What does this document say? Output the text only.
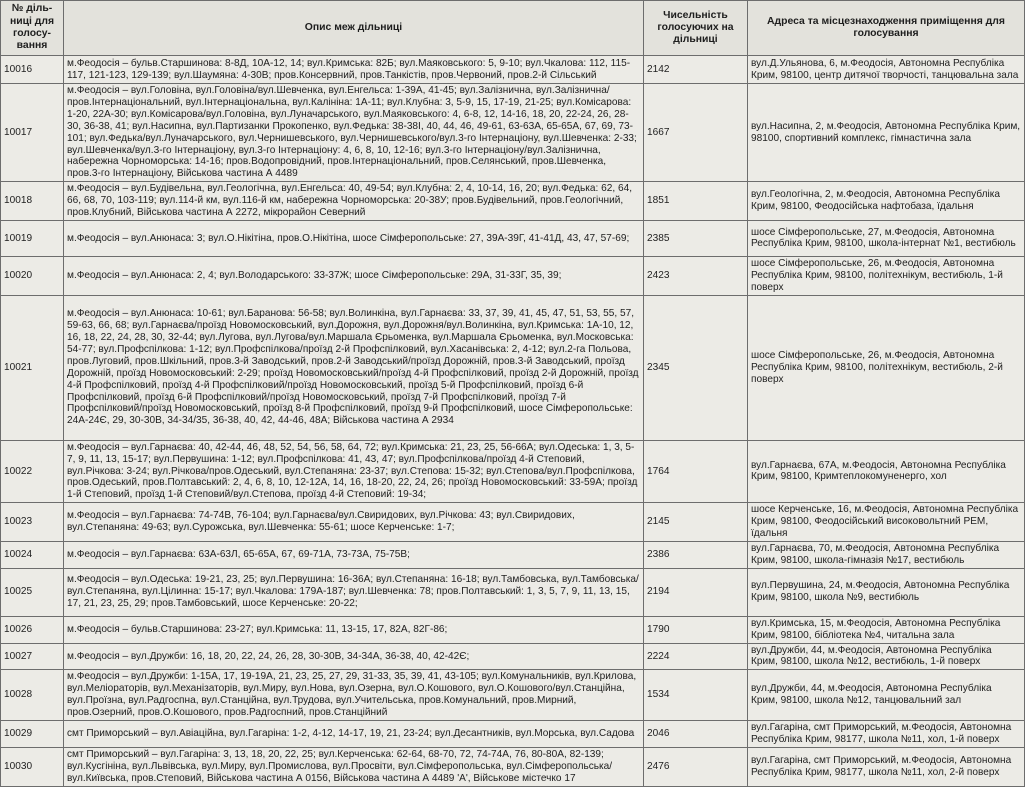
№ діль-ниці для голосу-вання	Опис меж дільниці	Чисельність голосуючих на дільниці	Адреса та місцезнаходження приміщення для голосування
10016	м.Феодосія – бульв.Старшинова: 8-8Д, 10А-12, 14; вул.Кримська: 82Б; вул.Маяковського: 5, 9-10; вул.Чкалова: 112, 115-117, 121-123, 129-139; вул.Шаумяна: 4-30В; пров.Консервний, пров.Танкістів, пров.Червоний, пров.2-й Сільський	2142	вул.Д.Ульянова, 6, м.Феодосія, Автономна Республіка Крим, 98100, центр дитячої творчості, танцювальна зала
10017	м.Феодосія – вул.Головіна, вул.Головіна/вул.Шевченка, вул.Енгельса: 1-39А, 41-45; вул.Залізнична, вул.Залізнична/пров.Інтернаціональний, вул.Інтернаціональна, вул.Калініна: 1А-11; вул.Клубна: 3, 5-9, 15, 17-19, 21-25; вул.Комісарова: 1-20, 22А-30; вул.Комісарова/вул.Головіна, вул.Луначарського, вул.Маяковського: 4, 6-8, 12, 14-16, 18, 20, 22-24, 26, 28-30, 36-38, 41; вул.Насипна, вул.Партизанки Прокопенко, вул.Федька: 38-38І, 40, 44, 46, 49-61, 63-63А, 65-65А, 67, 69, 73-101; вул.Федька/вул.Луначарського, вул.Чернишевського, вул.Чернишевського/вул.3-го Інтернаціону, вул.Шевченка: 2-33; вул.Шевченка/вул.3-го Інтернаціону, вул.3-го Інтернаціону: 4, 6, 8, 10, 12-16; вул.3-го Інтернаціону/вул.Залізнична, набережна Чорноморська: 14-16; пров.Водопровідний, пров.Інтернаціональний, пров.Селянський, пров.Шевченка, пров.3-го Інтернаціону, Військова частина А 4489	1667	вул.Насипна, 2, м.Феодосія, Автономна Республіка Крим, 98100, спортивний комплекс, гімнастична зала
10018	м.Феодосія – вул.Будівельна, вул.Геологічна, вул.Енгельса: 40, 49-54; вул.Клубна: 2, 4, 10-14, 16, 20; вул.Федька: 62, 64, 66, 68, 70, 103-119; вул.114-й км, вул.116-й км, набережна Чорноморська: 20-38У; пров.Будівельний, пров.Геологічний, пров.Клубний, Військова частина А 2272, мікрорайон Северний	1851	вул.Геологічна, 2, м.Феодосія, Автономна Республіка Крим, 98100, Феодосійська нафтобаза, їдальня
10019	м.Феодосія – вул.Анюнаса: 3; вул.О.Нікітіна, пров.О.Нікітіна, шосе Сімферопольське: 27, 39А-39Г, 41-41Д, 43, 47, 57-69;	2385	шосе Сімферопольське, 27, м.Феодосія, Автономна Республіка Крим, 98100, школа-інтернат №1, вестибюль
10020	м.Феодосія – вул.Анюнаса: 2, 4; вул.Володарського: 33-37Ж; шосе Сімферопольське: 29А, 31-33Г, 35, 39;	2423	шосе Сімферопольське, 26, м.Феодосія, Автономна Республіка Крим, 98100, політехнікум, вестибюль, 1-й поверх
10021	м.Феодосія – вул.Анюнаса: 10-61; вул.Баранова: 56-58; вул.Волинкіна, вул.Гарнаєва: 33, 37, 39, 41, 45, 47, 51, 53, 55, 57, 59-63, 66, 68; вул.Гарнаєва/проїзд Новомосковський, вул.Дорожня, вул.Дорожня/вул.Волинкіна, вул.Кримська: 1А-10, 12, 16, 18, 22, 24, 28, 30, 32-44; вул.Лугова, вул.Лугова/вул.Маршала Єрьоменка, вул.Маршала Єрьоменка, вул.Московська: 54-77; вул.Профспілкова: 1-12; вул.Профспілкова/проїзд 2-й Профспілковий, вул.Хасанівська: 2, 4-12; вул.2-га Польова, пров.Луговий, пров.Шкільний, пров.3-й Заводський, пров.2-й Заводський/проїзд Дорожній, пров.3-й Заводський, проїзд Дорожній, проїзд Новомосковський: 2-29; проїзд Новомосковський/проїзд 4-й Профспілковий, проїзд 2-й Дорожній, проїзд 4-й Профспілковий, проїзд 4-й Профспілковий/проїзд Новомосковський, проїзд 5-й Профспілковий, проїзд 6-й Профспілковий, проїзд 6-й Профспілковий/проїзд Новомосковський, проїзд 7-й Профспілковий, проїзд 7-й Профспілковий/проїзд Новомосковський, проїзд 8-й Профспілковий, проїзд 9-й Профспілковий, шосе Сімферопольське: 24А-24Є, 29, 30-30В, 34-34/35, 36-38, 40, 42, 44-46, 48А; Військова частина А 2934	2345	шосе Сімферопольське, 26, м.Феодосія, Автономна Республіка Крим, 98100, політехнікум, вестибюль, 2-й поверх
10022	м.Феодосія – вул.Гарнаєва: 40, 42-44, 46, 48, 52, 54, 56, 58, 64, 72; вул.Кримська: 21, 23, 25, 56-66А; вул.Одеська: 1, 3, 5-7, 9, 11, 13, 15-17; вул.Первушина: 1-12; вул.Профспілкова: 41, 43, 47; вул.Профспілкова/проїзд 4-й Степовий, вул.Річкова: 3-24; вул.Річкова/пров.Одеський, вул.Степаняна: 23-37; вул.Степова: 15-32; вул.Степова/вул.Профспілкова, пров.Одеський, пров.Полтавський: 2, 4, 6, 8, 10, 12-12А, 14, 16, 18-20, 22, 24, 26; проїзд Новомосковський: 33-59А; проїзд 1-й Степовий, проїзд 1-й Степовий/вул.Степова, проїзд 4-й Степовий: 19-34;	1764	вул.Гарнаєва, 67А, м.Феодосія, Автономна Республіка Крим, 98100, Кримтеплокомуненерго, хол
10023	м.Феодосія – вул.Гарнаєва: 74-74В, 76-104; вул.Гарнаєва/вул.Свиридових, вул.Річкова: 43; вул.Свиридових, вул.Степаняна: 49-63; вул.Сурожська, вул.Шевченка: 55-61; шосе Керченське: 1-7;	2145	шосе Керченське, 16, м.Феодосія, Автономна Республіка Крим, 98100, Феодосійський високовольтний РЕМ, їдальня
10024	м.Феодосія – вул.Гарнаєва: 63А-63Л, 65-65А, 67, 69-71А, 73-73А, 75-75В;	2386	вул.Гарнаєва, 70, м.Феодосія, Автономна Республіка Крим, 98100, школа-гімназія №17, вестибюль
10025	м.Феодосія – вул.Одеська: 19-21, 23, 25; вул.Первушина: 16-36А; вул.Степаняна: 16-18; вул.Тамбовська, вул.Тамбовська/вул.Степаняна, вул.Цілинна: 15-17; вул.Чкалова: 179А-187; вул.Шевченка: 78; пров.Полтавський: 1, 3, 5, 7, 9, 11, 13, 15, 17, 21, 23, 25, 29; пров.Тамбовський, шосе Керченське: 20-22;	2194	вул.Первушина, 24, м.Феодосія, Автономна Республіка Крим, 98100, школа №9, вестибюль
10026	м.Феодосія – бульв.Старшинова: 23-27; вул.Кримська: 11, 13-15, 17, 82А, 82Г-86;	1790	вул.Кримська, 15, м.Феодосія, Автономна Республіка Крим, 98100, бібліотека №4, читальна зала
10027	м.Феодосія – вул.Дружби: 16, 18, 20, 22, 24, 26, 28, 30-30В, 34-34А, 36-38, 40, 42-42Є;	2224	вул.Дружби, 44, м.Феодосія, Автономна Республіка Крим, 98100, школа №12, вестибюль, 1-й поверх
10028	м.Феодосія – вул.Дружби: 1-15А, 17, 19-19А, 21, 23, 25, 27, 29, 31-33, 35, 39, 41, 43-105; вул.Комунальників, вул.Крилова, вул.Меліораторів, вул.Механізаторів, вул.Миру, вул.Нова, вул.Озерна, вул.О.Кошового, вул.О.Кошового/вул.Станційна, вул.Проїзна, вул.Радгоспна, вул.Станційна, вул.Трудова, вул.Учительська, пров.Комунальний, пров.Мирний, пров.Озерний, пров.О.Кошового, пров.Радгоспний, пров.Станційний	1534	вул.Дружби, 44, м.Феодосія, Автономна Республіка Крим, 98100, школа №12, танцювальний зал
10029	смт Приморський – вул.Авіаційна, вул.Гагаріна: 1-2, 4-12, 14-17, 19, 21, 23-24; вул.Десантників, вул.Морська, вул.Садова	2046	вул.Гагаріна, смт Приморський, м.Феодосія, Автономна Республіка Крим, 98177, школа №11, хол, 1-й поверх
10030	смт Приморський – вул.Гагаріна: 3, 13, 18, 20, 22, 25; вул.Керченська: 62-64, 68-70, 72, 74-74А, 76, 80-80А, 82-139; вул.Кусгініна, вул.Львівська, вул.Миру, вул.Промислова, вул.Просвіти, вул.Сімферопольська, вул.Сімферопольська/вул.Київська, пров.Степовий, Військова частина А 0156, Військова частина А 4489 'А', Військове містечко 17	2476	вул.Гагаріна, смт Приморський, м.Феодосія, Автономна Республіка Крим, 98177, школа №11, хол, 2-й поверх
